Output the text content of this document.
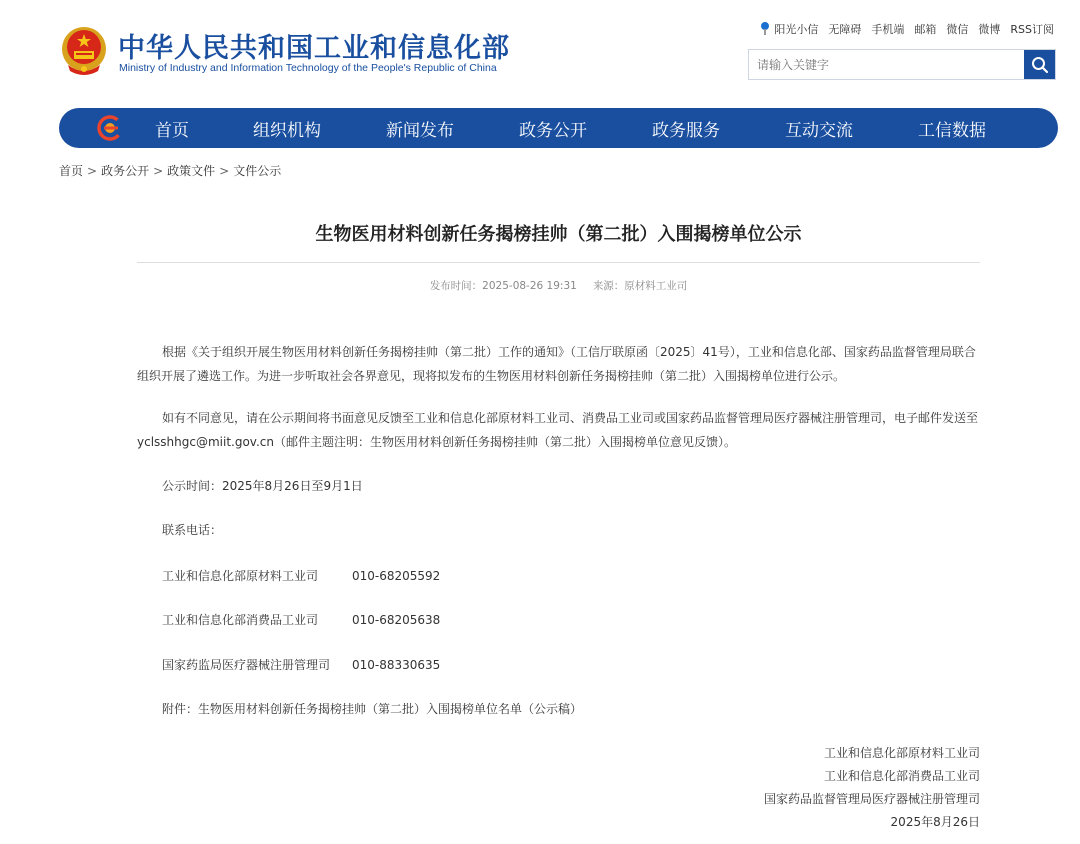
中华人民共和国工业和信息化部
Ministry of Industry and Information Technology of the People's Republic of China
阳光小信 无障碍 手机端 邮箱 微信 微博 RSS订阅
请输入关键字
首页	组织机构	新闻发布	政务公开	政务服务	互动交流	工信数据
首页 > 政务公开 > 政策文件 > 文件公示
生物医用材料创新任务揭榜挂帅（第二批）入围揭榜单位公示
发布时间：2025-08-26 19:31 来源：原材料工业司
根据《关于组织开展生物医用材料创新任务揭榜挂帅（第二批）工作的通知》（工信厅联原函〔2025〕41号），工业和信息化部、国家药品监督管理局联合组织开展了遴选工作。为进一步听取社会各界意见，现将拟发布的生物医用材料创新任务揭榜挂帅（第二批）入围揭榜单位进行公示。
如有不同意见，请在公示期间将书面意见反馈至工业和信息化部原材料工业司、消费品工业司或国家药品监督管理局医疗器械注册管理司，电子邮件发送至yclsshhgc@miit.gov.cn（邮件主题注明：生物医用材料创新任务揭榜挂帅（第二批）入围揭榜单位意见反馈）。
公示时间：2025年8月26日至9月1日
联系电话：
工业和信息化部原材料工业司	010-68205592
工业和信息化部消费品工业司	010-68205638
国家药监局医疗器械注册管理司 010-88330635
附件：生物医用材料创新任务揭榜挂帅（第二批）入围揭榜单位名单（公示稿）
工业和信息化部原材料工业司
工业和信息化部消费品工业司
国家药品监督管理局医疗器械注册管理司
2025年8月26日
